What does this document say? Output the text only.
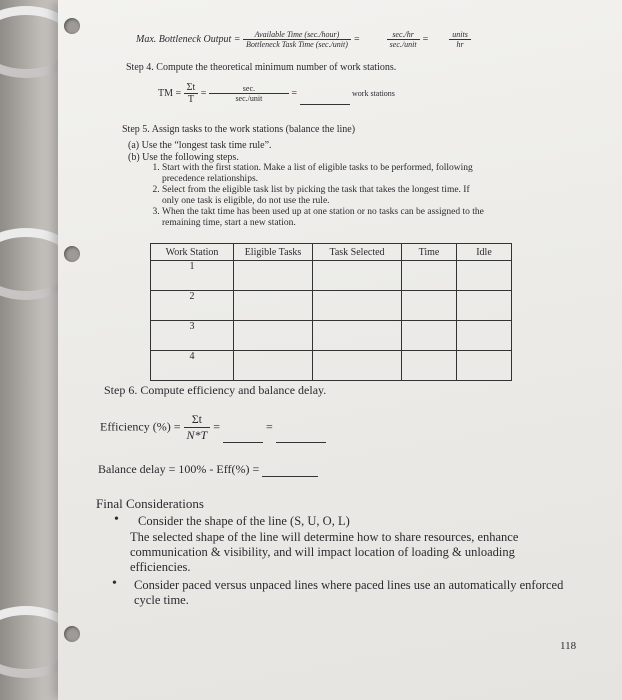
Max. Bottleneck Output = $\frac{\text{Available Time (sec./hour)}}{\text{Bottleneck Task Time (sec./unit)}}$ =	$\frac{\sec./hr}{\text{sec./unit}}$ =	$\frac{\text{units}}{hr}$
Step 4. Compute the theoretical minimum number of work stations.
TM = $\frac{\Sigma t}{T} = \frac{\sec.}{\text{sec./unit}}$ =	work stations
Step 5. Assign tasks to the work stations (balance the line)
(a) Use the “longest task time rule”.
(b) Use the following steps.
1. Start with the first station. Make a list of eligible tasks to be performed, following precedence relationships.
2. Select from the eligible task list by picking the task that takes the longest time. If only one task is eligible, do not use the rule.
3. When the takt time has been used up at one station or no tasks can be assigned to the remaining time, start a new station.
Work Station	Eligible Tasks	Task Selected	Time	Idle
1				
2				
3				
4				
Step 6. Compute efficiency and balance delay.
Efficiency (%) = $\frac{\Sigma t}{N*T}$ =	=
Balance delay = 100% - Eff(%) =
Final Considerations
• Consider the shape of the line (S, U, O, L)
The selected shape of the line will determine how to share resources, enhance communication & visibility, and will impact location of loading & unloading efficiencies.
• Consider paced versus unpaced lines where paced lines use an automatically enforced cycle time.
118
